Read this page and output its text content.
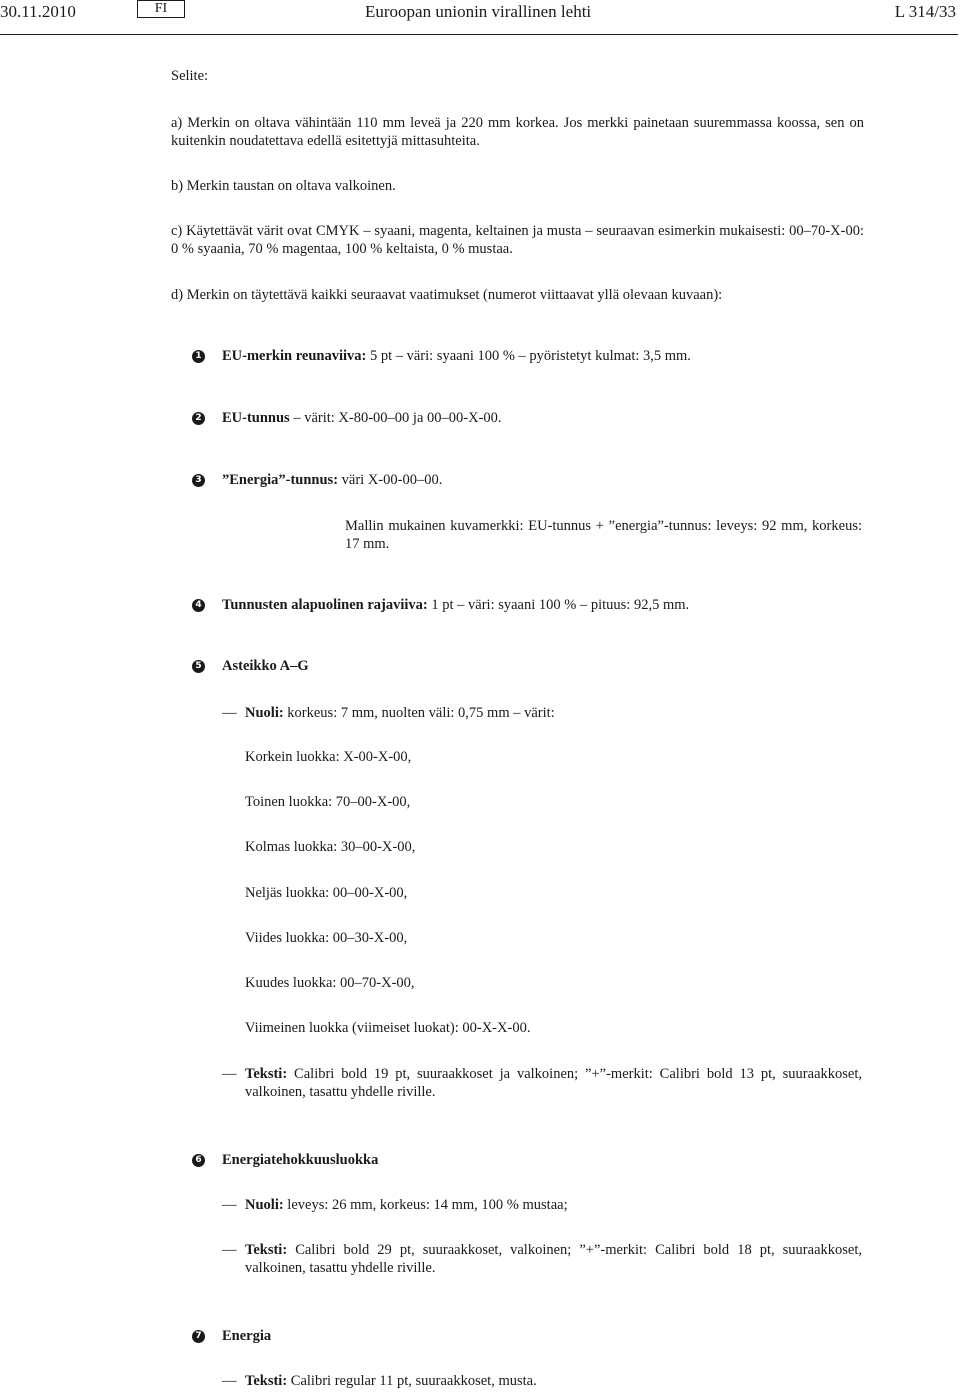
30.11.2010	FI	Euroopan unionin virallinen lehti	L 314/33
Selite:
a) Merkin on oltava vähintään 110 mm leveä ja 220 mm korkea. Jos merkki painetaan suuremmassa koossa, sen on kuitenkin noudatettava edellä esitettyjä mittasuhteita.
b) Merkin taustan on oltava valkoinen.
c) Käytettävät värit ovat CMYK – syaani, magenta, keltainen ja musta – seuraavan esimerkin mukaisesti: 00–70-X-00: 0 % syaania, 70 % magentaa, 100 % keltaista, 0 % mustaa.
d) Merkin on täytettävä kaikki seuraavat vaatimukset (numerot viittaavat yllä olevaan kuvaan):
1 EU-merkin reunaviiva: 5 pt – väri: syaani 100 % – pyöristetyt kulmat: 3,5 mm.
2 EU-tunnus – värit: X-80-00–00 ja 00–00-X-00.
3 ”Energia”-tunnus: väri X-00-00–00.
Mallin mukainen kuvamerkki: EU-tunnus + ”energia”-tunnus: leveys: 92 mm, korkeus: 17 mm.
4 Tunnusten alapuolinen rajaviiva: 1 pt – väri: syaani 100 % – pituus: 92,5 mm.
5 Asteikko A–G
— Nuoli: korkeus: 7 mm, nuolten väli: 0,75 mm – värit:
Korkein luokka: X-00-X-00,
Toinen luokka: 70–00-X-00,
Kolmas luokka: 30–00-X-00,
Neljäs luokka: 00–00-X-00,
Viides luokka: 00–30-X-00,
Kuudes luokka: 00–70-X-00,
Viimeinen luokka (viimeiset luokat): 00-X-X-00.
— Teksti: Calibri bold 19 pt, suuraakkoset ja valkoinen; ”+”-merkit: Calibri bold 13 pt, suuraakkoset, valkoinen, tasattu yhdelle riville.
6 Energiatehokkuusluokka
— Nuoli: leveys: 26 mm, korkeus: 14 mm, 100 % mustaa;
— Teksti: Calibri bold 29 pt, suuraakkoset, valkoinen; ”+”-merkit: Calibri bold 18 pt, suuraakkoset, valkoinen, tasattu yhdelle riville.
7 Energia
— Teksti: Calibri regular 11 pt, suuraakkoset, musta.
